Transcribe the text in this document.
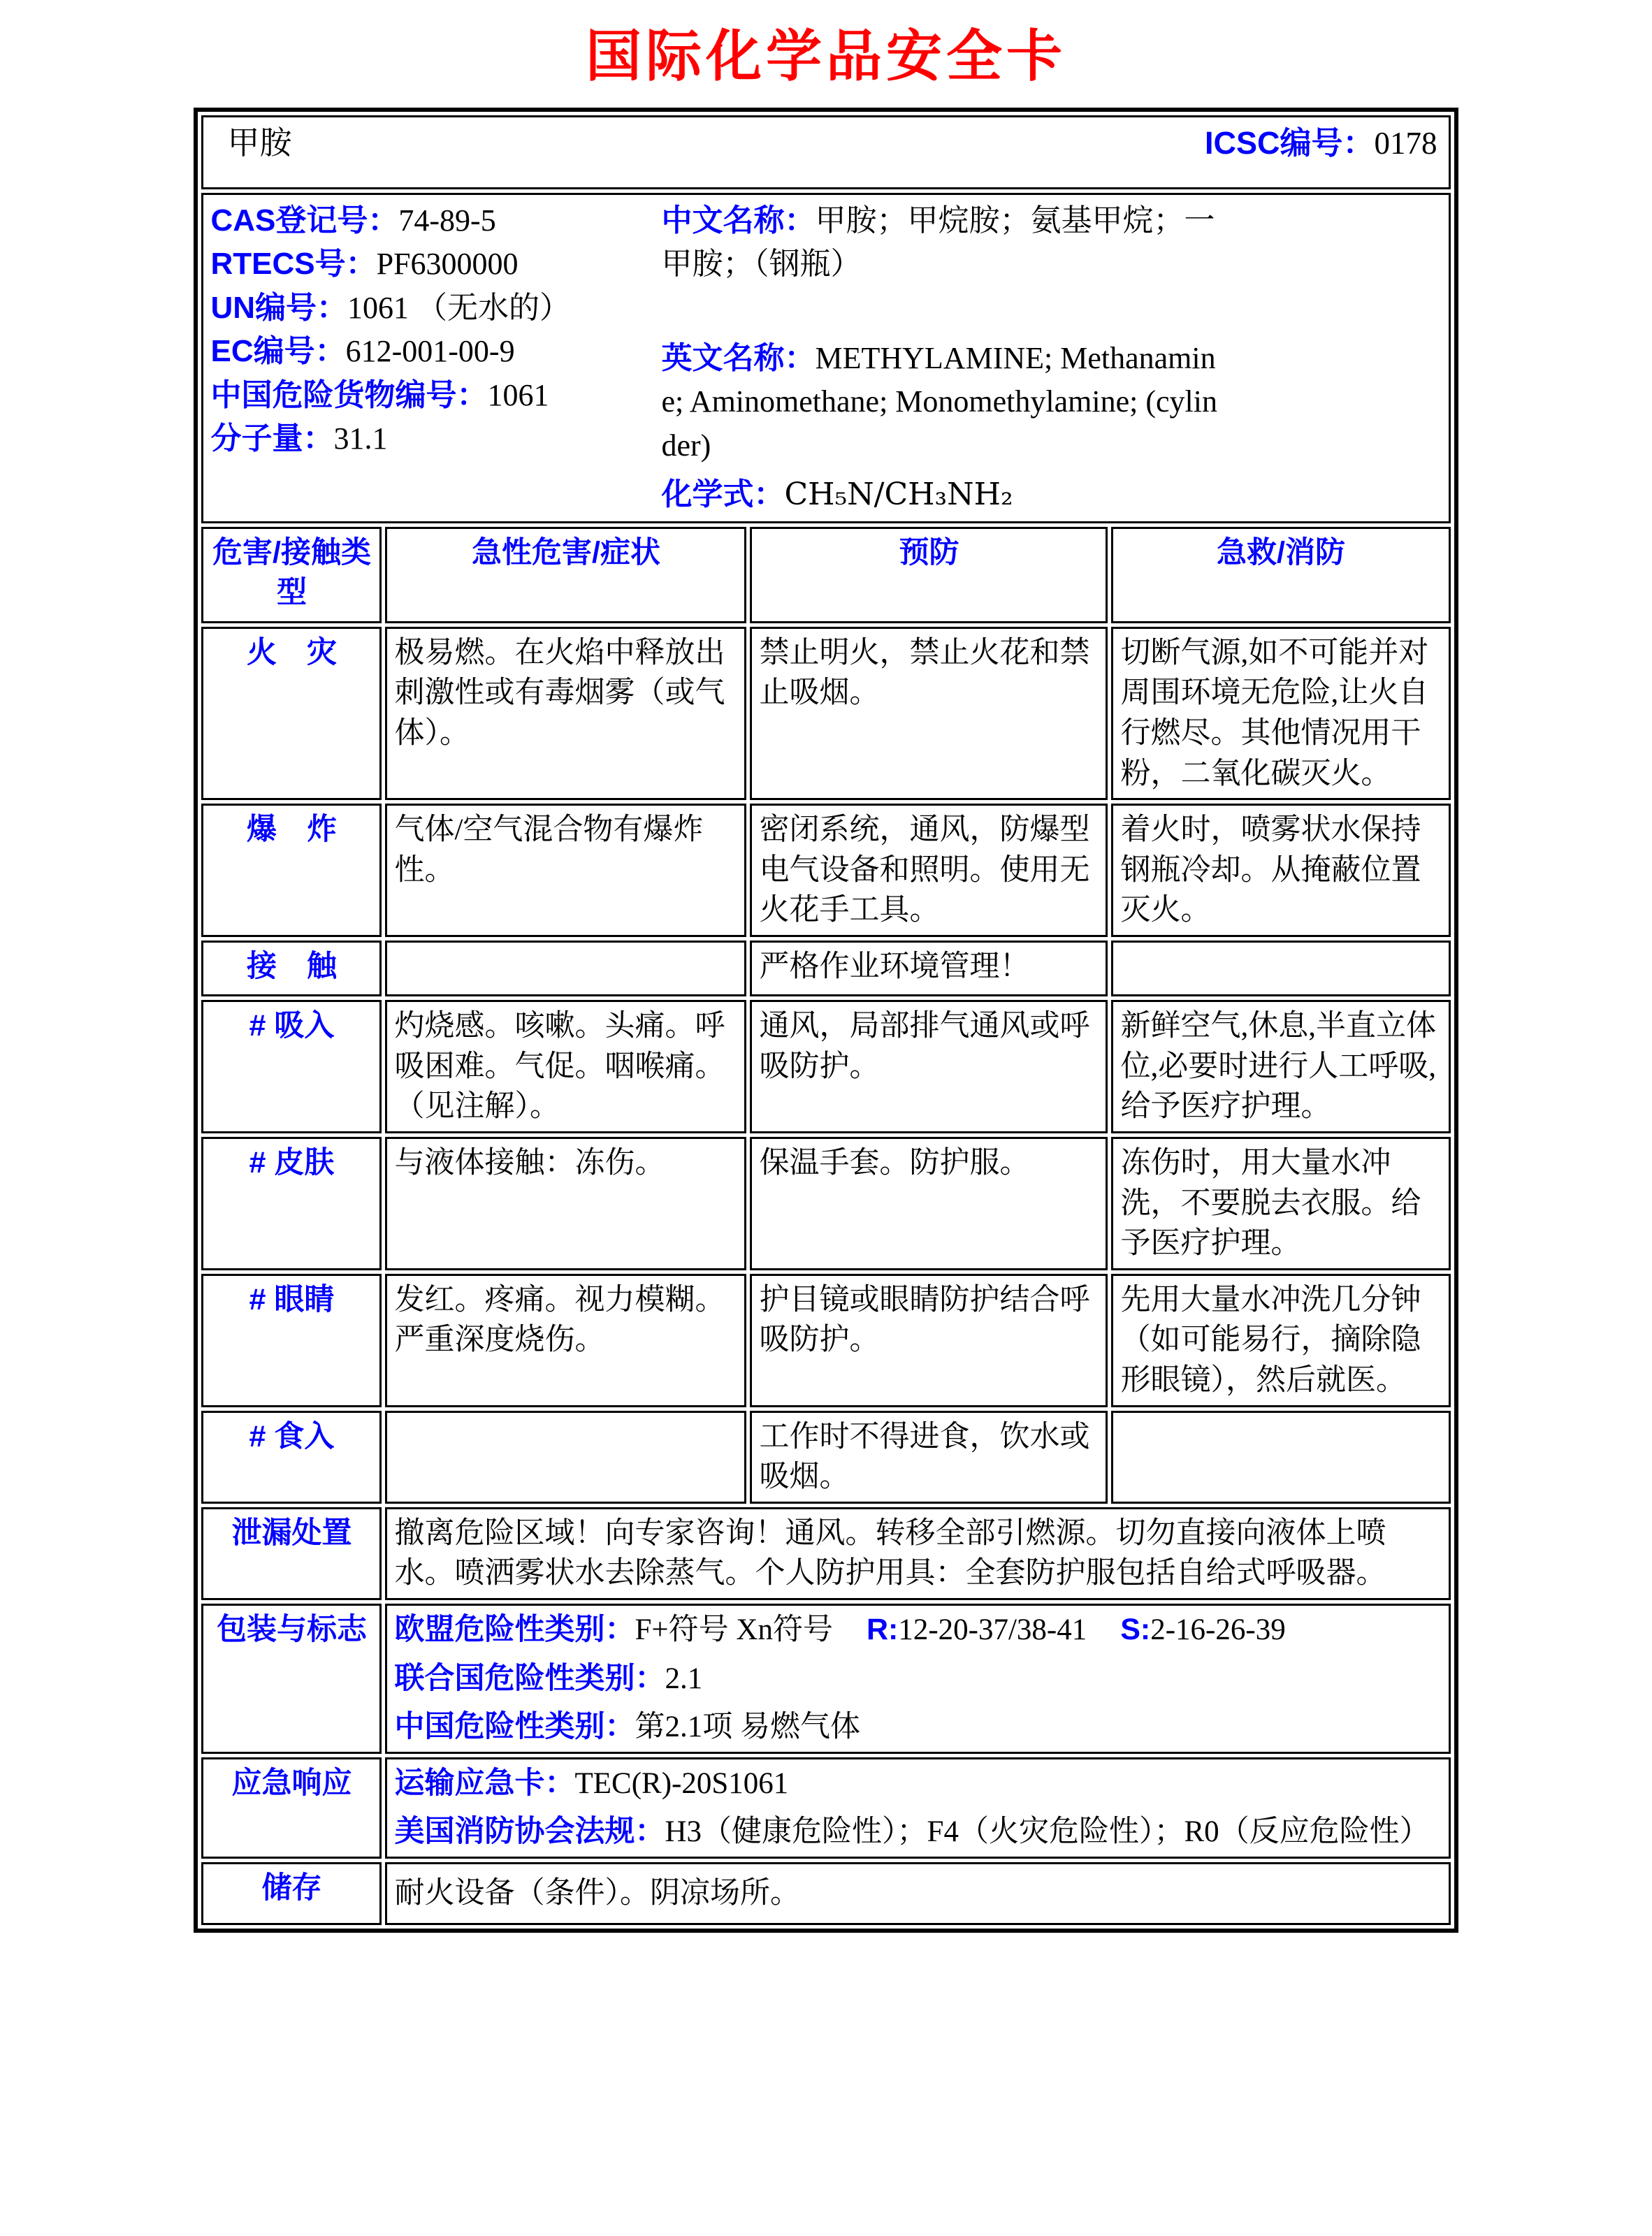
国际化学品安全卡
甲胺 ICSC编号：0178			

CAS登记号：74-89-5
RTECS号：PF6300000
UN编号：1061 （无水的）
EC编号：612-001-00-9
中国危险货物编号：1061
分子量：31.1

中文名称：甲胺；甲烷胺；氨基甲烷；一甲胺；（钢瓶）

英文名称：METHYLAMINE; Methanamine; Aminomethane; Monomethylamine; (cylinder)

化学式：CH₅N/CH₃NH₂

危害/接触类型	急性危害/症状	预防	急救/消防
火　灾	极易燃。在火焰中释放出刺激性或有毒烟雾（或气体）。	禁止明火，禁止火花和禁止吸烟。	切断气源,如不可能并对周围环境无危险,让火自行燃尽。其他情况用干粉，二氧化碳灭火。
爆　炸	气体/空气混合物有爆炸性。	密闭系统，通风，防爆型电气设备和照明。使用无火花手工具。	着火时，喷雾状水保持钢瓶冷却。从掩蔽位置灭火。
接　触		严格作业环境管理！	
# 吸入	灼烧感。咳嗽。头痛。呼吸困难。气促。咽喉痛。（见注解）。	通风，局部排气通风或呼吸防护。	新鲜空气,休息,半直立体位,必要时进行人工呼吸,给予医疗护理。
# 皮肤	与液体接触：冻伤。	保温手套。防护服。	冻伤时，用大量水冲洗，不要脱去衣服。给予医疗护理。
# 眼睛	发红。疼痛。视力模糊。严重深度烧伤。	护目镜或眼睛防护结合呼吸防护。	先用大量水冲洗几分钟（如可能易行，摘除隐形眼镜），然后就医。
# 食入		工作时不得进食，饮水或吸烟。	
泄漏处置	撤离危险区域！向专家咨询！通风。转移全部引燃源。切勿直接向液体上喷水。喷洒雾状水去除蒸气。个人防护用具：全套防护服包括自给式呼吸器。		
包装与标志	欧盟危险性类别：F+符号 Xn符号 R:12-20-37/38-41 S:2-16-26-39
联合国危险性类别：2.1
中国危险性类别：第2.1项 易燃气体		

应急响应	运输应急卡：TEC(R)-20S1061
美国消防协会法规：H3（健康危险性）；F4（火灾危险性）；R0（反应危险性）		

储存	耐火设备（条件）。阴凉场所。		
